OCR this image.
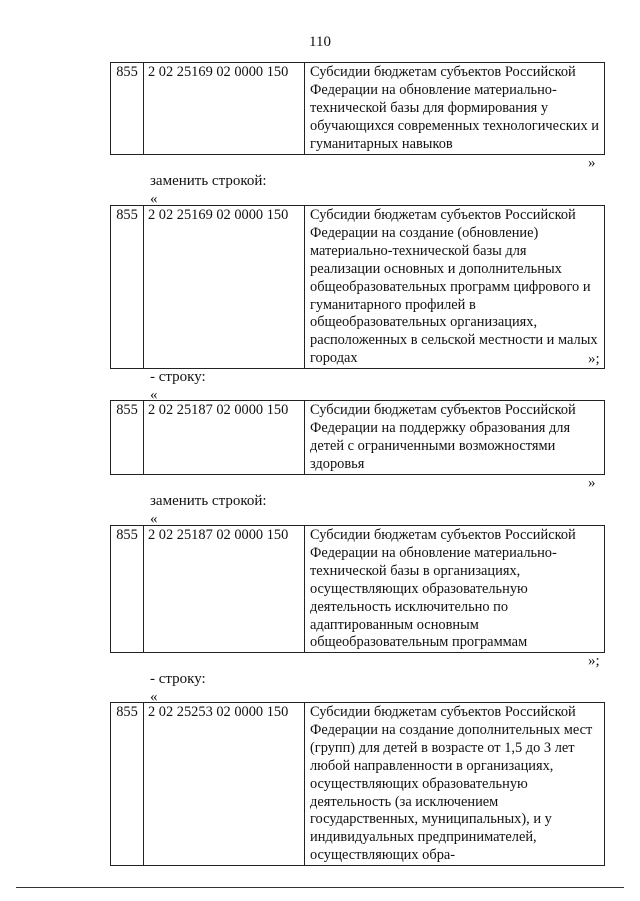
110
855	2 02 25169 02 0000 150	Субсидии бюджетам субъектов Российской Федерации на обновление материально-технической базы для формирования у обучающихся современных технологических и гуманитарных навыков
»
заменить строкой:
«
855	2 02 25169 02 0000 150	Субсидии бюджетам субъектов Российской Федерации на создание (обновление) материально-технической базы для реализации основных и дополнительных общеобразовательных программ цифрового и гуманитарного профилей в общеобразовательных организациях, расположенных в сельской местности и малых городах	»;
- строку:
«
855	2 02 25187 02 0000 150	Субсидии бюджетам субъектов Российской Федерации на поддержку образования для детей с ограниченными возможностями здоровья
»
заменить строкой:
«
855	2 02 25187 02 0000 150	Субсидии бюджетам субъектов Российской Федерации на обновление материально-технической базы в организациях, осуществляющих образовательную деятельность исключительно по адаптированным основным общеобразовательным программам
»;
- строку:
«
855	2 02 25253 02 0000 150	Субсидии бюджетам субъектов Российской Федерации на создание дополнительных мест (групп) для детей в возрасте от 1,5 до 3 лет любой направленности в организациях, осуществляющих образовательную деятельность (за исключением государственных, муниципальных), и у индивидуальных предпринимателей, осуществляющих обра-
